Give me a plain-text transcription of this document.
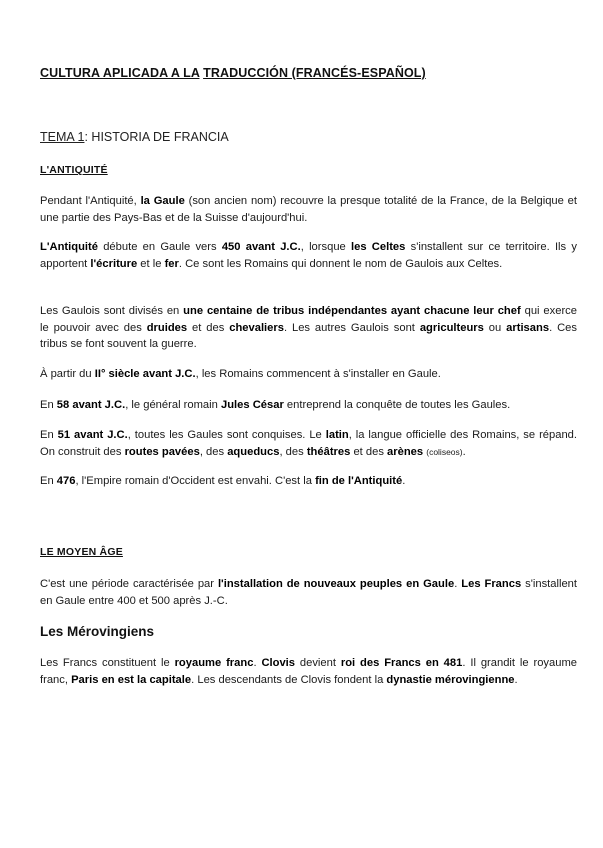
CULTURA APLICADA A LA TRADUCCIÓN (FRANCÉS-ESPAÑOL)
TEMA 1: HISTORIA DE FRANCIA
L'ANTIQUITÉ
Pendant l'Antiquité, la Gaule (son ancien nom) recouvre la presque totalité de la France, de la Belgique et une partie des Pays-Bas et de la Suisse d'aujourd'hui.
L'Antiquité débute en Gaule vers 450 avant J.C., lorsque les Celtes s'installent sur ce territoire. Ils y apportent l'écriture et le fer. Ce sont les Romains qui donnent le nom de Gaulois aux Celtes.
Les Gaulois sont divisés en une centaine de tribus indépendantes ayant chacune leur chef qui exerce le pouvoir avec des druides et des chevaliers. Les autres Gaulois sont agriculteurs ou artisans. Ces tribus se font souvent la guerre.
À partir du II° siècle avant J.C., les Romains commencent à s'installer en Gaule.
En 58 avant J.C., le général romain Jules César entreprend la conquête de toutes les Gaules.
En 51 avant J.C., toutes les Gaules sont conquises. Le latin, la langue officielle des Romains, se répand. On construit des routes pavées, des aqueducs, des théâtres et des arènes (coliseos).
En 476, l'Empire romain d'Occident est envahi. C'est la fin de l'Antiquité.
LE MOYEN ÂGE
C'est une période caractérisée par l'installation de nouveaux peuples en Gaule. Les Francs s'installent en Gaule entre 400 et 500 après J.-C.
Les Mérovingiens
Les Francs constituent le royaume franc. Clovis devient roi des Francs en 481. Il grandit le royaume franc, Paris en est la capitale. Les descendants de Clovis fondent la dynastie mérovingienne.
